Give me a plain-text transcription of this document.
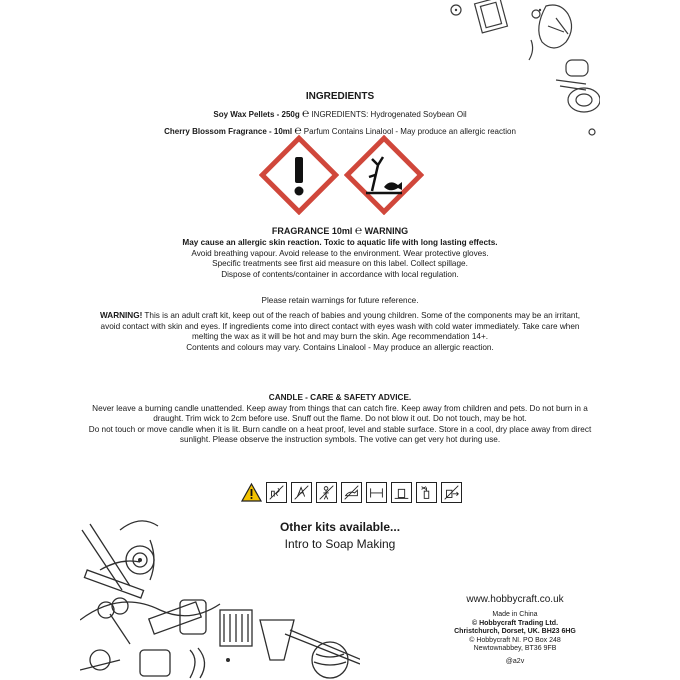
INGREDIENTS
Soy Wax Pellets - 250g ℮ INGREDIENTS: Hydrogenated Soybean Oil
Cherry Blossom Fragrance - 10ml ℮ Parfum Contains Linalool - May produce an allergic reaction
FRAGRANCE 10ml ℮ WARNING

May cause an allergic skin reaction. Toxic to aquatic life with long lasting effects.

Avoid breathing vapour. Avoid release to the environment. Wear protective gloves.

Specific treatments see first aid measure on this label. Collect spillage.

Dispose of contents/container in accordance with local regulation.

Please retain warnings for future reference.

WARNING! This is an adult craft kit, keep out of the reach of babies and young children. Some of the components may be an irritant, avoid contact with skin and eyes. If ingredients come into direct contact with eyes wash with cold water immediately. Take care when melting the wax as it will be hot and may burn the skin. Age recommendation 14+.

Contents and colours may vary. Contains Linalool - May produce an allergic reaction.

CANDLE - CARE & SAFETY ADVICE.

Never leave a burning candle unattended. Keep away from things that can catch fire. Keep away from children and pets. Do not burn in a draught. Trim wick to 2cm before use. Snuff out the flame. Do not blow it out. Do not touch, may be hot.

Do not touch or move candle when it is lit. Burn candle on a heat proof, level and stable surface. Store in a cool, dry place away from direct sunlight. Please observe the instruction symbols. The votive can get very hot during use.

Other kits available...
Intro to Soap Making
www.hobbycraft.co.uk
Made in China
© Hobbycraft Trading Ltd.
Christchurch, Dorset, UK. BH23 6HG
© Hobbycraft NI. PO Box 248
Newtownabbey, BT36 9FB
@a2v
